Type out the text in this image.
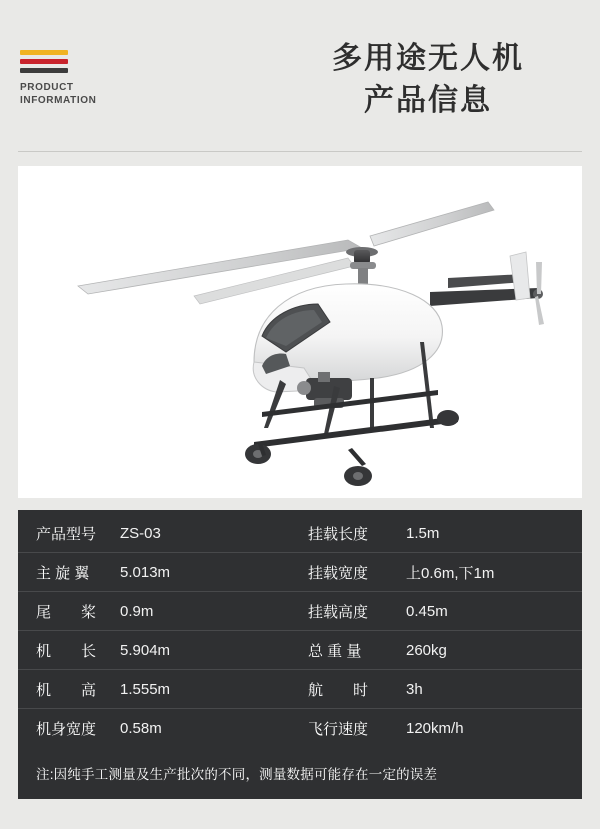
PRODUCT
INFORMATION
多用途无人机
产品信息
产品型号	ZS-03	挂载长度	1.5m
主 旋 翼	5.013m	挂载宽度	上0.6m,下1m
尾　　桨	0.9m	挂载高度	0.45m
机　　长	5.904m	总 重 量	260kg
机　　高	1.555m	航　　时	3h
机身宽度	0.58m	飞行速度	120km/h
注:因纯手工测量及生产批次的不同，测量数据可能存在一定的误差
